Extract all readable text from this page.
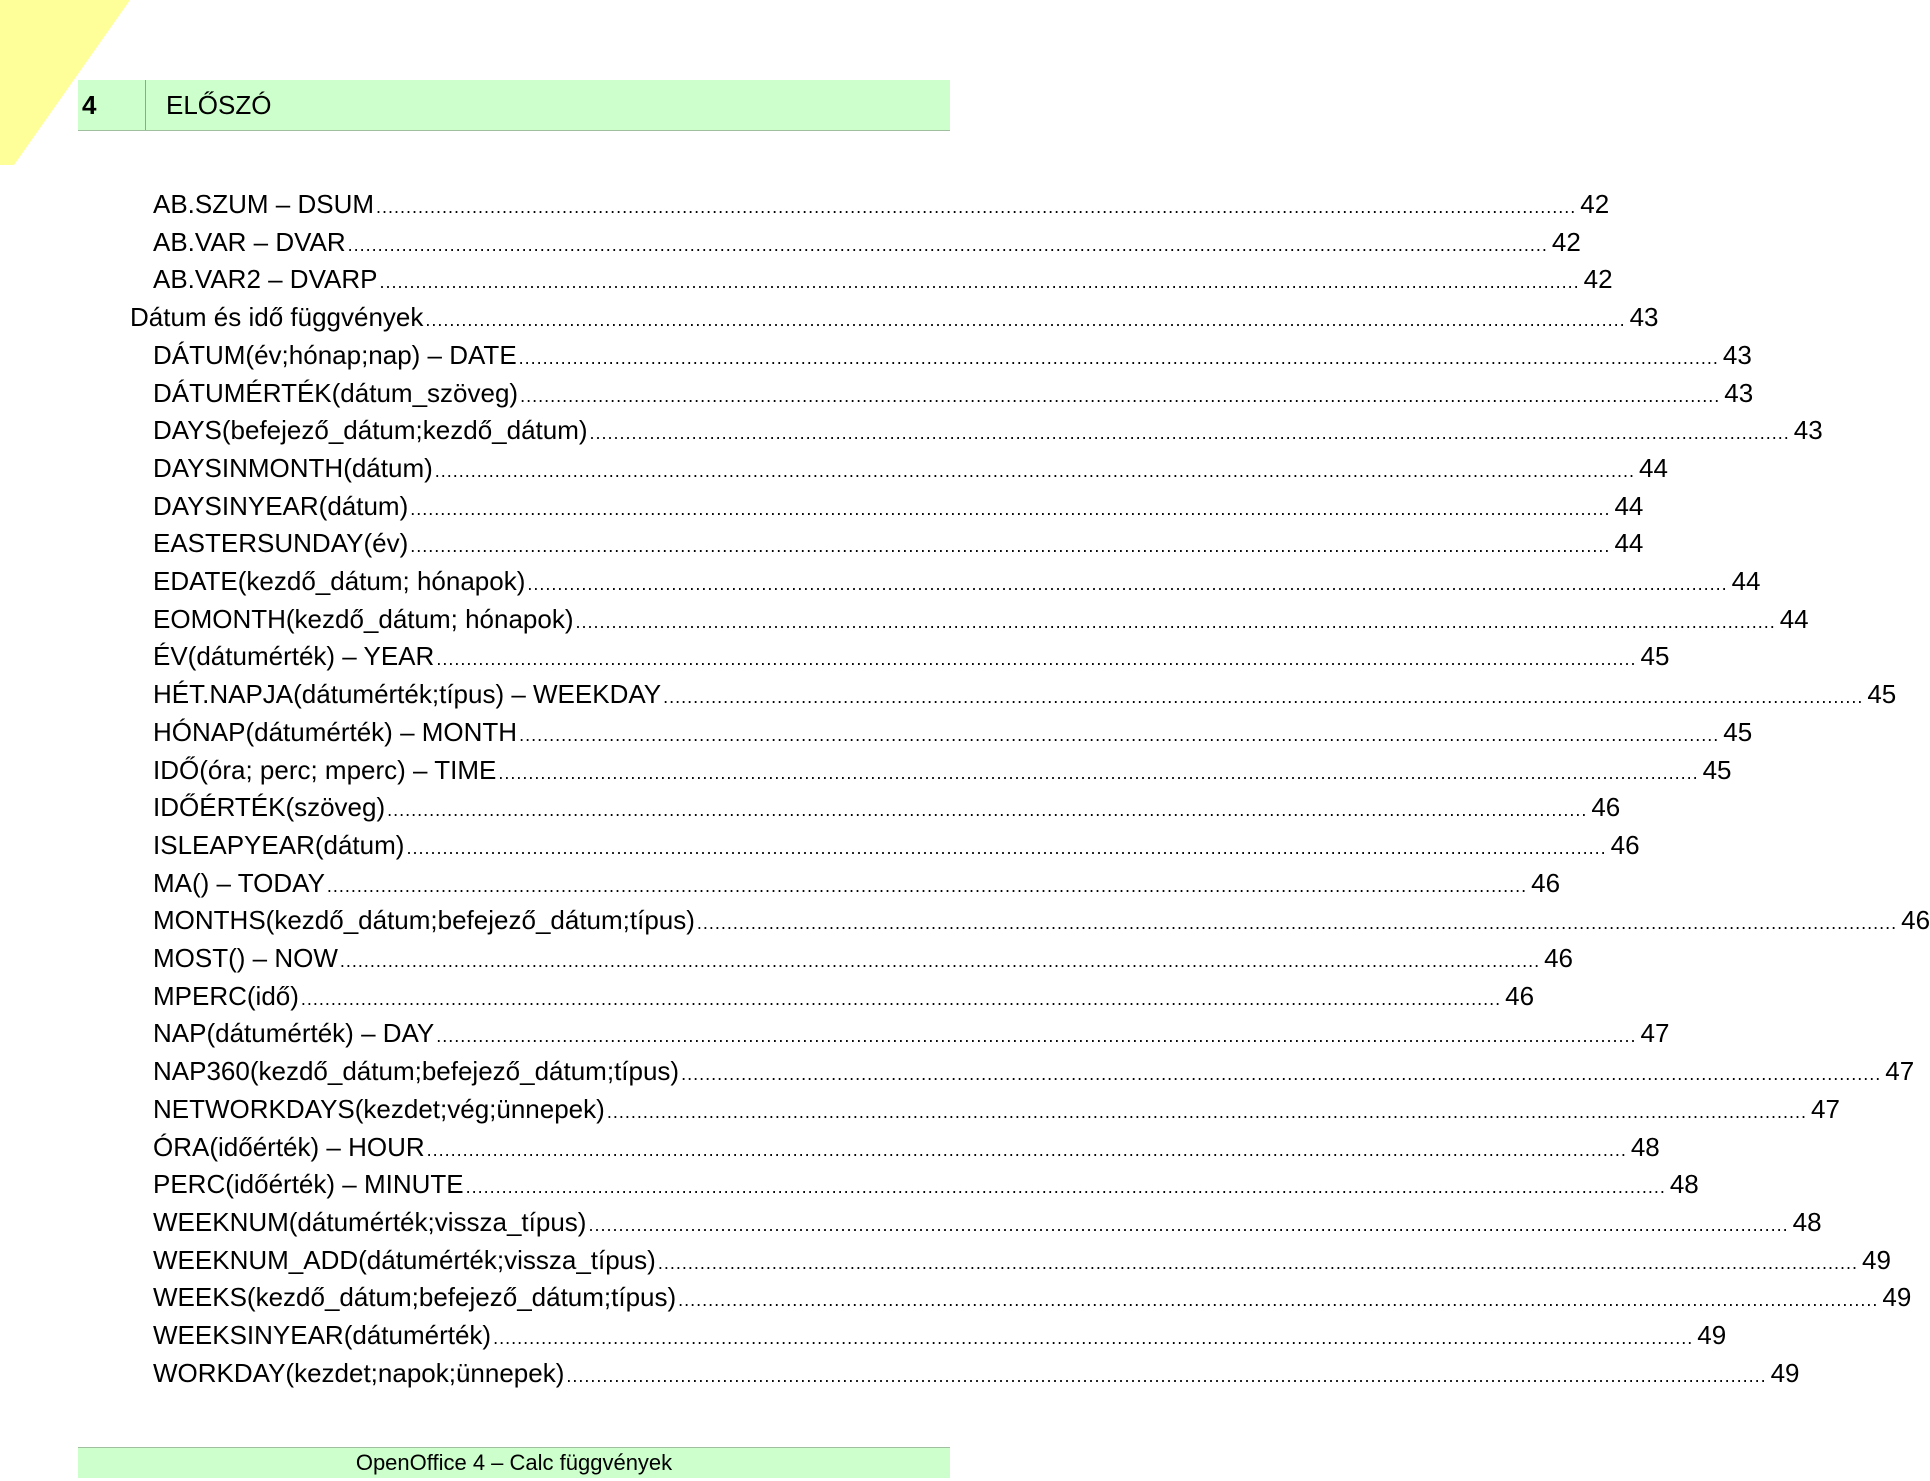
4	ELŐSZÓ
AB.SZUM – DSUM ........................................................................................................................................................................................................ 42
AB.VAR – DVAR ........................................................................................................................................................................................................ 42
AB.VAR2 – DVARP ........................................................................................................................................................................................................ 42
Dátum és idő függvények ........................................................................................................................................................................................................ 43
DÁTUM(év;hónap;nap) – DATE ........................................................................................................................................................................................................ 43
DÁTUMÉRTÉK(dátum_szöveg) ........................................................................................................................................................................................................ 43
DAYS(befejező_dátum;kezdő_dátum) ........................................................................................................................................................................................................ 43
DAYSINMONTH(dátum) ........................................................................................................................................................................................................ 44
DAYSINYEAR(dátum) ........................................................................................................................................................................................................ 44
EASTERSUNDAY(év) ........................................................................................................................................................................................................ 44
EDATE(kezdő_dátum; hónapok) ........................................................................................................................................................................................................ 44
EOMONTH(kezdő_dátum; hónapok) ........................................................................................................................................................................................................ 44
ÉV(dátumérték) – YEAR ........................................................................................................................................................................................................ 45
HÉT.NAPJA(dátumérték;típus) – WEEKDAY ........................................................................................................................................................................................................ 45
HÓNAP(dátumérték) – MONTH ........................................................................................................................................................................................................ 45
IDŐ(óra; perc; mperc) – TIME ........................................................................................................................................................................................................ 45
IDŐÉRTÉK(szöveg) ........................................................................................................................................................................................................ 46
ISLEAPYEAR(dátum) ........................................................................................................................................................................................................ 46
MA() – TODAY ........................................................................................................................................................................................................ 46
MONTHS(kezdő_dátum;befejező_dátum;típus) ........................................................................................................................................................................................................ 46
MOST() – NOW ........................................................................................................................................................................................................ 46
MPERC(idő) ........................................................................................................................................................................................................ 46
NAP(dátumérték) – DAY ........................................................................................................................................................................................................ 47
NAP360(kezdő_dátum;befejező_dátum;típus) ........................................................................................................................................................................................................ 47
NETWORKDAYS(kezdet;vég;ünnepek) ........................................................................................................................................................................................................ 47
ÓRA(időérték) – HOUR ........................................................................................................................................................................................................ 48
PERC(időérték) – MINUTE ........................................................................................................................................................................................................ 48
WEEKNUM(dátumérték;vissza_típus) ........................................................................................................................................................................................................ 48
WEEKNUM_ADD(dátumérték;vissza_típus) ........................................................................................................................................................................................................ 49
WEEKS(kezdő_dátum;befejező_dátum;típus) ........................................................................................................................................................................................................ 49
WEEKSINYEAR(dátumérték) ........................................................................................................................................................................................................ 49
WORKDAY(kezdet;napok;ünnepek) ........................................................................................................................................................................................................ 49
OpenOffice 4 – Calc függvények
